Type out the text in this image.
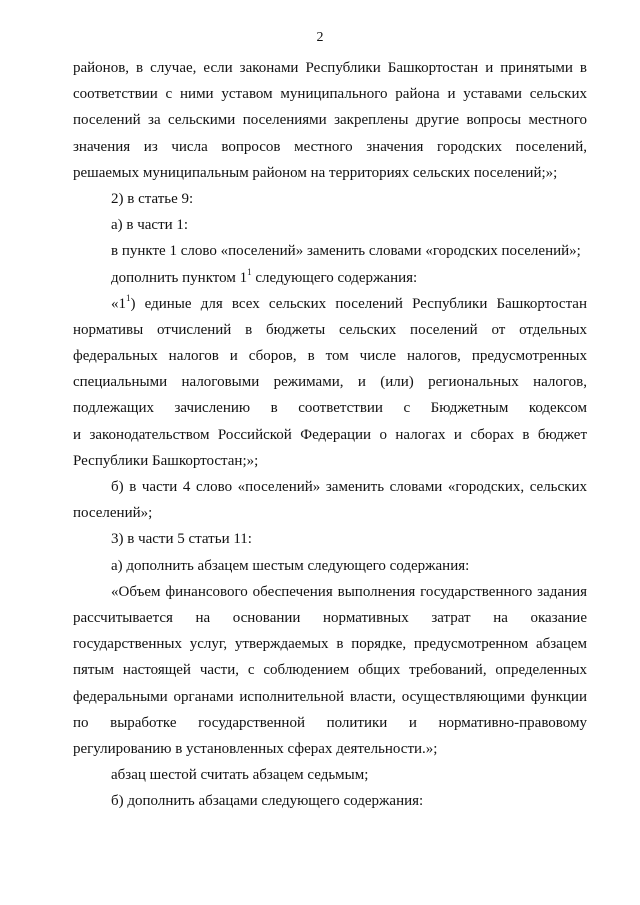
2
районов, в случае, если законами Республики Башкортостан и принятыми в
соответствии с ними уставом муниципального района и уставами сельских
поселений за сельскими поселениями закреплены другие вопросы местного
значения из числа вопросов местного значения городских поселений,
решаемых муниципальным районом на территориях сельских поселений;»;
2) в статье 9:
а) в части 1:
в пункте 1 слово «поселений» заменить словами «городских поселений»;
дополнить пунктом $1^1$ следующего содержания:
«$1^1$) единые для всех сельских поселений Республики Башкортостан
нормативы отчислений в бюджеты сельских поселений от отдельных
федеральных налогов и сборов, в том числе налогов, предусмотренных
специальными налоговыми режимами, и (или) региональных налогов,
подлежащих зачислению в соответствии с Бюджетным кодексом
и законодательством Российской Федерации о налогах и сборах в бюджет
Республики Башкортостан;»;
б) в части 4 слово «поселений» заменить словами «городских, сельских
поселений»;
3) в части 5 статьи 11:
а) дополнить абзацем шестым следующего содержания:
«Объем финансового обеспечения выполнения государственного задания
рассчитывается на основании нормативных затрат на оказание
государственных услуг, утверждаемых в порядке, предусмотренном абзацем
пятым настоящей части, с соблюдением общих требований, определенных
федеральными органами исполнительной власти, осуществляющими функции
по выработке государственной политики и нормативно-правовому
регулированию в установленных сферах деятельности.»;
абзац шестой считать абзацем седьмым;
б) дополнить абзацами следующего содержания:
